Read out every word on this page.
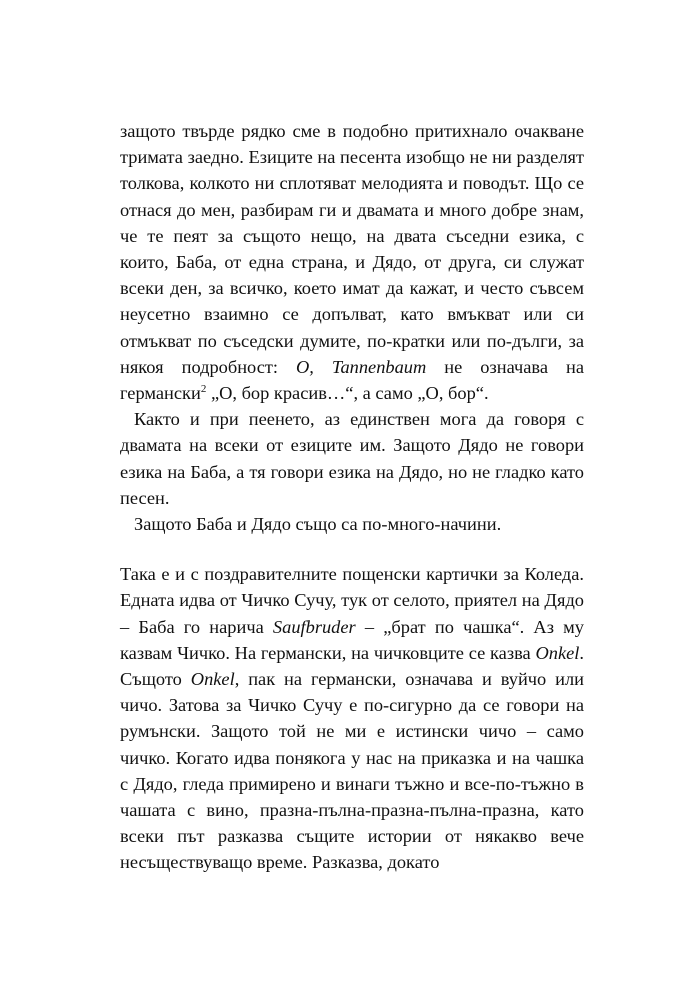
защото твърде рядко сме в подобно притихнало очакване тримата заедно. Езиците на песента изобщо не ни разделят толкова, колкото ни сплотяват мелодията и поводът. Що се отнася до мен, разбирам ги и двамата и много добре знам, че те пеят за същото нещо, на двата съседни езика, с които, Баба, от една страна, и Дядо, от друга, си служат всеки ден, за всичко, което имат да кажат, и често съвсем неусетно взаимно се допълват, като вмъкват или си отмъкват по съседски думите, по-кратки или по-дълги, за някоя подробност: O, Tannenbaum не означава на германски$^2$ „О, бор красив…“, а само „О, бор“.

Както и при пеенето, аз единствен мога да говоря с двамата на всеки от езиците им. Защото Дядо не говори езика на Баба, а тя говори езика на Дядо, но не гладко като песен.

Защото Баба и Дядо също са по-много-начини.

Така е и с поздравителните пощенски картички за Коледа. Едната идва от Чичко Сучу, тук от селото, приятел на Дядо – Баба го нарича Saufbruder – „брат по чашка“. Аз му казвам Чичко. На германски, на чичковците се казва Onkel. Същото Onkel, пак на германски, означава и вуйчо или чичо. Затова за Чичко Сучу е по-сигурно да се говори на румънски. Защото той не ми е истински чичо – само чичко. Когато идва понякога у нас на приказка и на чашка с Дядо, гледа примирено и винаги тъжно и все-по-тъжно в чашата с вино, празна-пълна-празна-пълна-празна, като всеки път разказва същите истории от някакво вече несъществуващо време. Разказва, докато
